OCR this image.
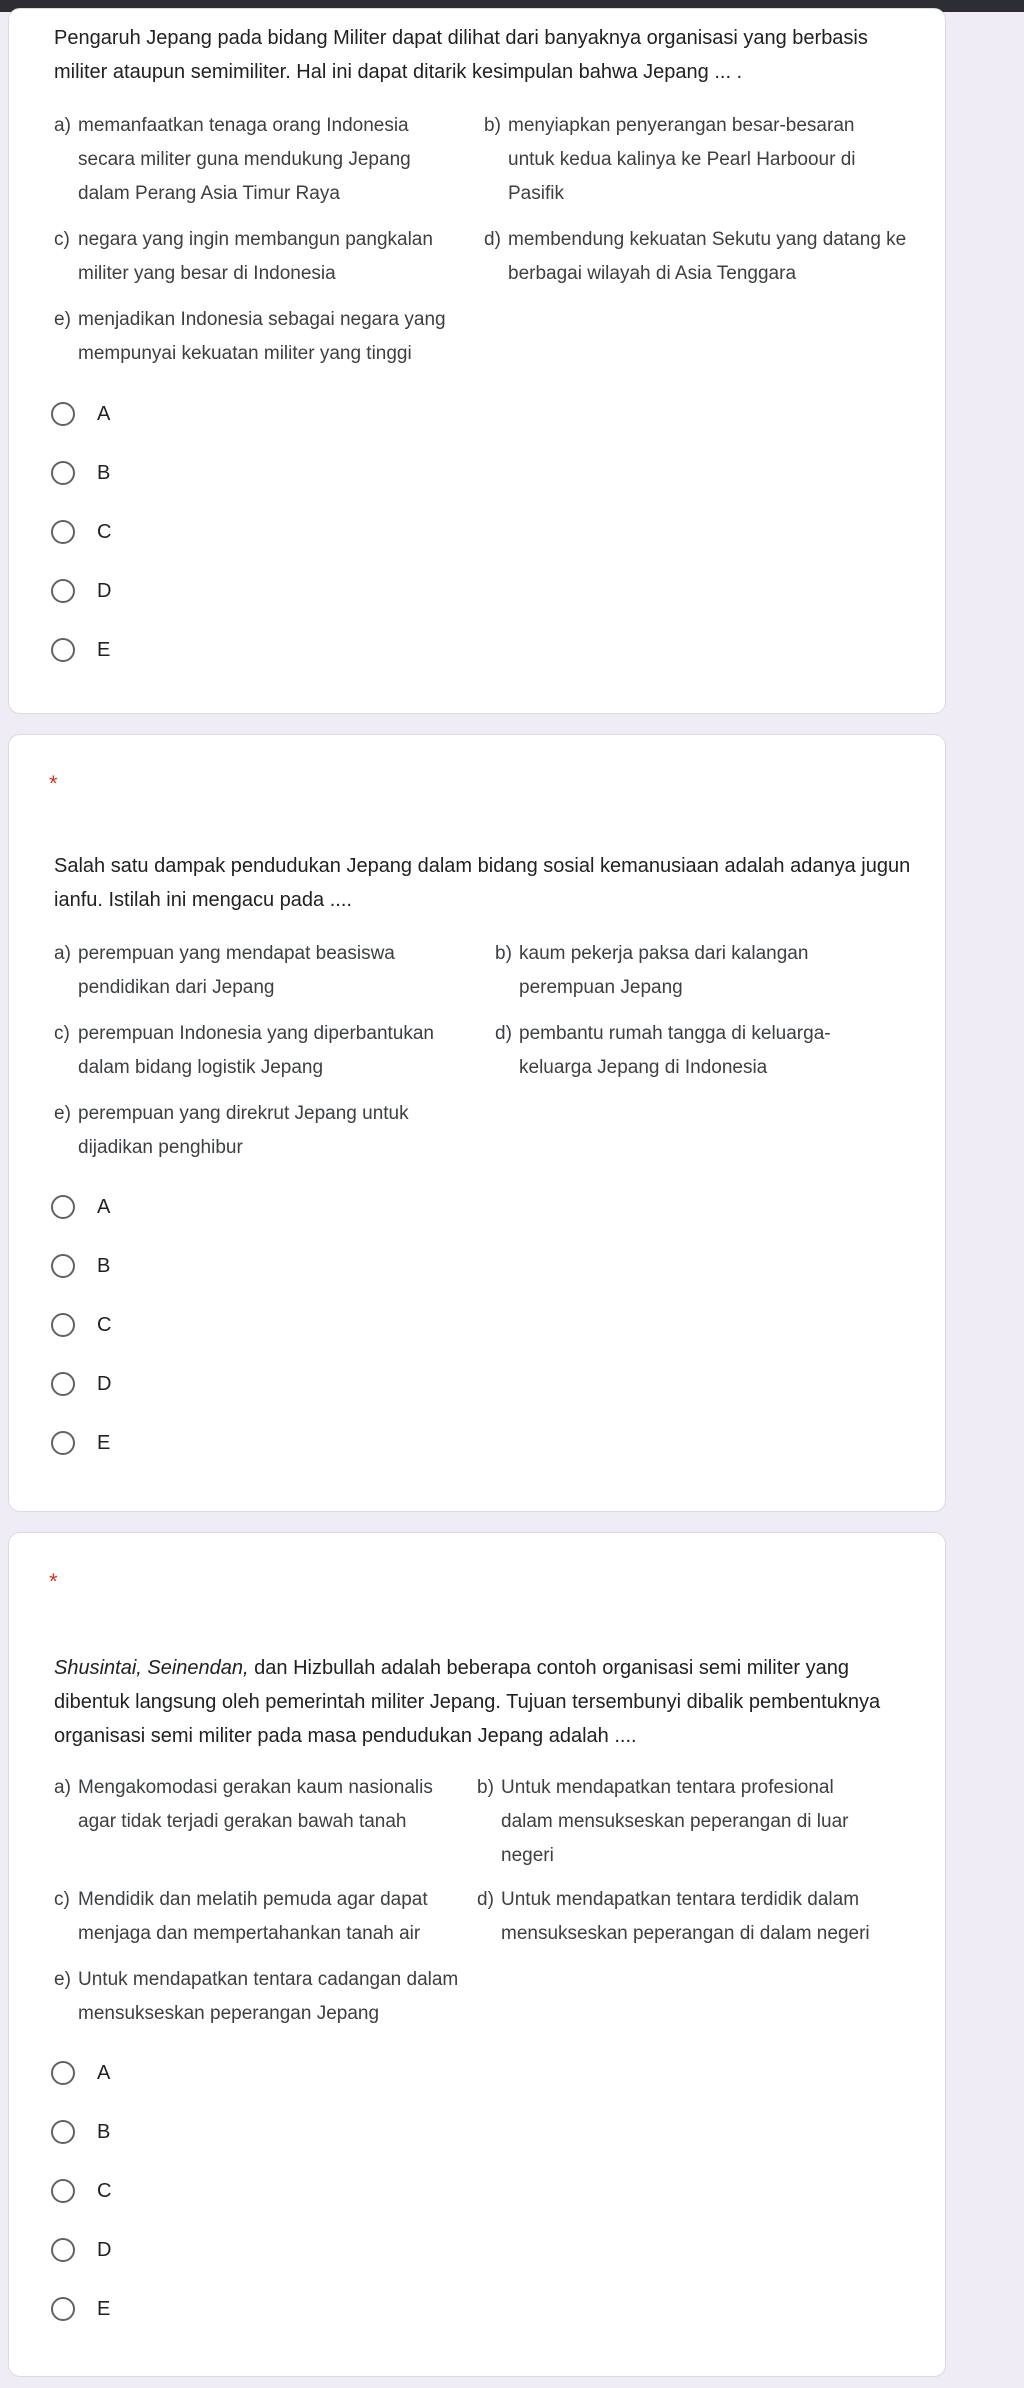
Pengaruh Jepang pada bidang Militer dapat dilihat dari banyaknya organisasi yang berbasis militer ataupun semimiliter. Hal ini dapat ditarik kesimpulan bahwa Jepang ... .
a) memanfaatkan tenaga orang Indonesia secara militer guna mendukung Jepang dalam Perang Asia Timur Raya
b) menyiapkan penyerangan besar-besaran untuk kedua kalinya ke Pearl Harboour di Pasifik
c) negara yang ingin membangun pangkalan militer yang besar di Indonesia
d) membendung kekuatan Sekutu yang datang ke berbagai wilayah di Asia Tenggara
e) menjadikan Indonesia sebagai negara yang mempunyai kekuatan militer yang tinggi
A
B
C
D
E
*
Salah satu dampak pendudukan Jepang dalam bidang sosial kemanusiaan adalah adanya jugun ianfu. Istilah ini mengacu pada ....
a) perempuan yang mendapat beasiswa pendidikan dari Jepang
b) kaum pekerja paksa dari kalangan perempuan Jepang
c) perempuan Indonesia yang diperbantukan dalam bidang logistik Jepang
d) pembantu rumah tangga di keluarga-keluarga Jepang di Indonesia
e) perempuan yang direkrut Jepang untuk dijadikan penghibur
A
B
C
D
E
*
Shusintai, Seinendan, dan Hizbullah adalah beberapa contoh organisasi semi militer yang dibentuk langsung oleh pemerintah militer Jepang. Tujuan tersembunyi dibalik pembentuknya organisasi semi militer pada masa pendudukan Jepang adalah ....
a) Mengakomodasi gerakan kaum nasionalis agar tidak terjadi gerakan bawah tanah
b) Untuk mendapatkan tentara profesional dalam mensukseskan peperangan di luar negeri
c) Mendidik dan melatih pemuda agar dapat menjaga dan mempertahankan tanah air
d) Untuk mendapatkan tentara terdidik dalam mensukseskan peperangan di dalam negeri
e) Untuk mendapatkan tentara cadangan dalam mensukseskan peperangan Jepang
A
B
C
D
E
